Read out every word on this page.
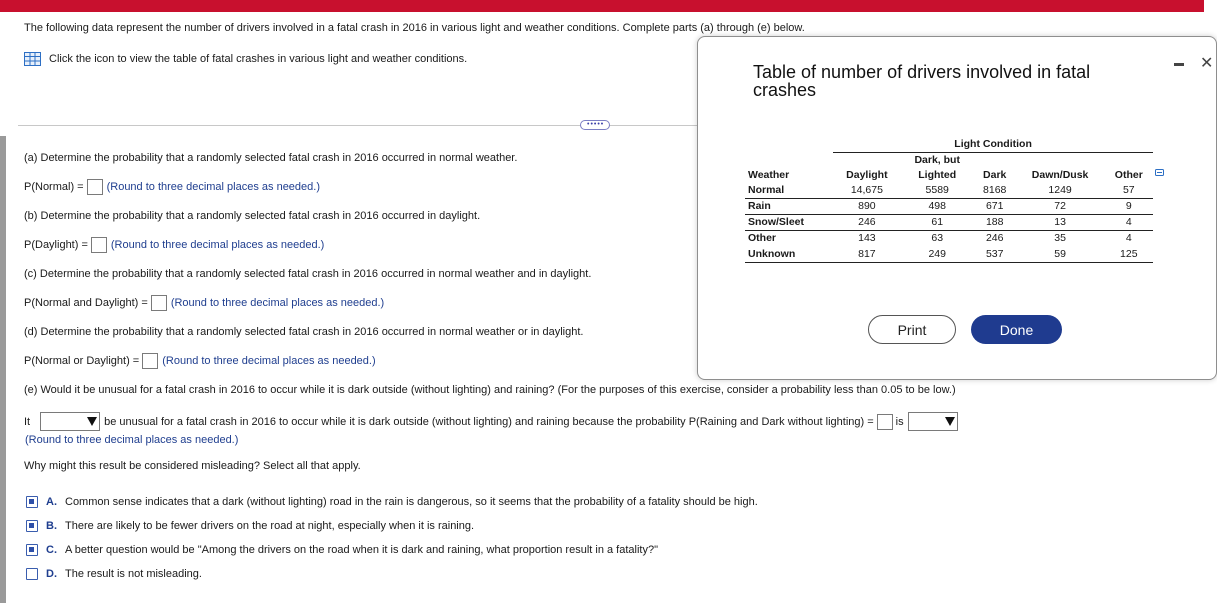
The following data represent the number of drivers involved in a fatal crash in 2016 in various light and weather conditions. Complete parts (a) through (e) below.
Click the icon to view the table of fatal crashes in various light and weather conditions.
•••••
(a) Determine the probability that a randomly selected fatal crash in 2016 occurred in normal weather.
P(Normal) = (Round to three decimal places as needed.)
(b) Determine the probability that a randomly selected fatal crash in 2016 occurred in daylight.
P(Daylight) = (Round to three decimal places as needed.)
(c) Determine the probability that a randomly selected fatal crash in 2016 occurred in normal weather and in daylight.
P(Normal and Daylight) = (Round to three decimal places as needed.)
(d) Determine the probability that a randomly selected fatal crash in 2016 occurred in normal weather or in daylight.
P(Normal or Daylight) = (Round to three decimal places as needed.)
(e) Would it be unusual for a fatal crash in 2016 to occur while it is dark outside (without lighting) and raining? (For the purposes of this exercise, consider a probability less than 0.05 to be low.)
It	be unusual for a fatal crash in 2016 to occur while it is dark outside (without lighting) and raining because the probability P(Raining and Dark without lighting) = is
(Round to three decimal places as needed.)
Why might this result be considered misleading? Select all that apply.
A. Common sense indicates that a dark (without lighting) road in the rain is dangerous, so it seems that the probability of a fatality should be high.
B. There are likely to be fewer drivers on the road at night, especially when it is raining.
C. A better question would be "Among the drivers on the road when it is dark and raining, what proportion result in a fatality?"
D. The result is not misleading.
Table of number of drivers involved in fatal crashes
✕
	Light Condition				
		Dark, but			
Weather	Daylight	Lighted	Dark	Dawn/Dusk	Other
Normal	14,675	5589	8168	1249	57
Rain	890	498	671	72	9
Snow/Sleet	246	61	188	13	4
Other	143	63	246	35	4
Unknown	817	249	537	59	125
Print	Done
